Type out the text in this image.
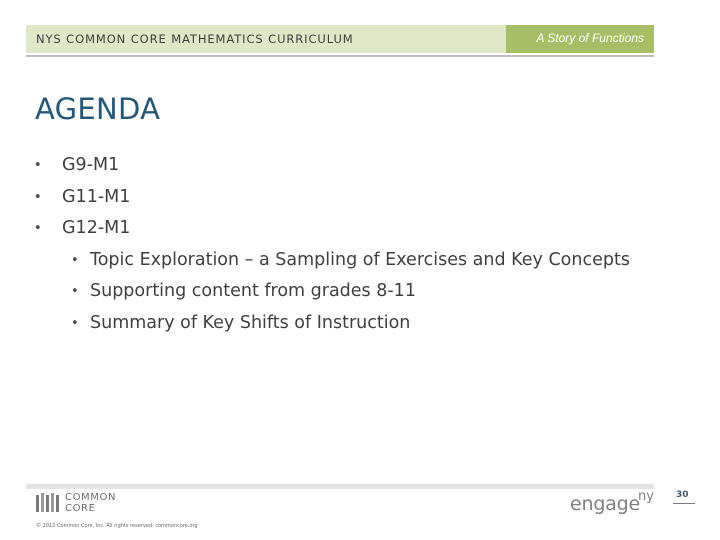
NYS COMMON CORE MATHEMATICS CURRICULUM	A Story of Functions
AGENDA
• G9-M1
• G11-M1
• G12-M1
• Topic Exploration – a Sampling of Exercises and Key Concepts
• Supporting content from grades 8-11
• Summary of Key Shifts of Instruction
30
COMMON
CORE
© 2012 Common Core, Inc. All rights reserved. commoncore.org
engage
ny
